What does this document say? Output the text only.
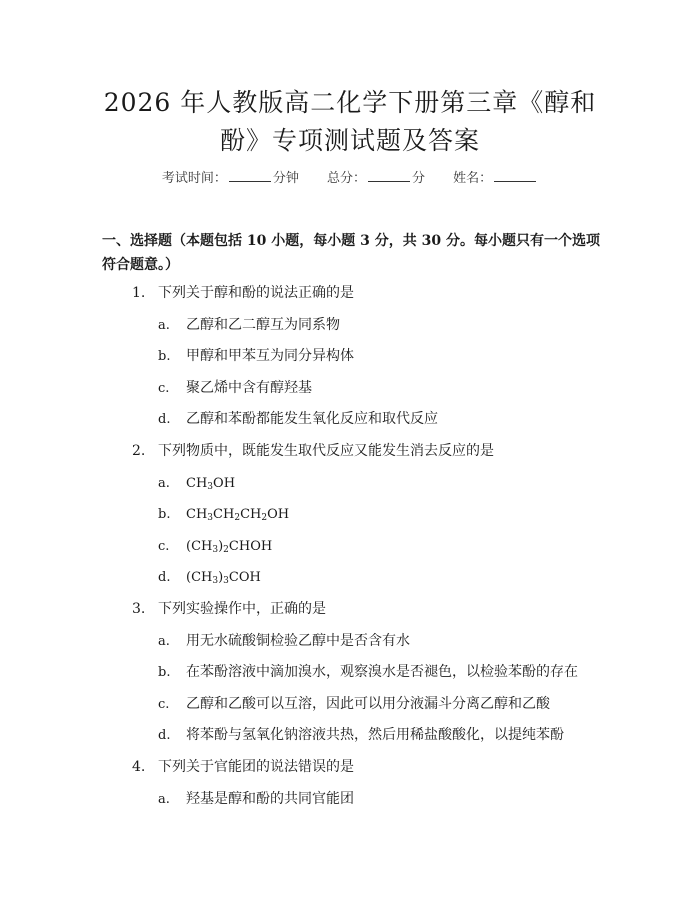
2026 年人教版高二化学下册第三章《醇和
酚》专项测试题及答案
考试时间：	分钟 总分：	分 姓名：
一、选择题（本题包括 10 小题，每小题 3 分，共 30 分。每小题只有一个选项符合题意。）
1. 下列关于醇和酚的说法正确的是
a. 乙醇和乙二醇互为同系物
b. 甲醇和甲苯互为同分异构体
c. 聚乙烯中含有醇羟基
d. 乙醇和苯酚都能发生氧化反应和取代反应
2. 下列物质中，既能发生取代反应又能发生消去反应的是
a. $CH_3OH$
b. $CH_3CH_2CH_2OH$
c. $(CH_3)_2CHOH$
d. $(CH_3)_3COH$
3. 下列实验操作中，正确的是
a. 用无水硫酸铜检验乙醇中是否含有水
b. 在苯酚溶液中滴加溴水，观察溴水是否褪色，以检验苯酚的存在
c. 乙醇和乙酸可以互溶，因此可以用分液漏斗分离乙醇和乙酸
d. 将苯酚与氢氧化钠溶液共热，然后用稀盐酸酸化，以提纯苯酚
4. 下列关于官能团的说法错误的是
a. 羟基是醇和酚的共同官能团
